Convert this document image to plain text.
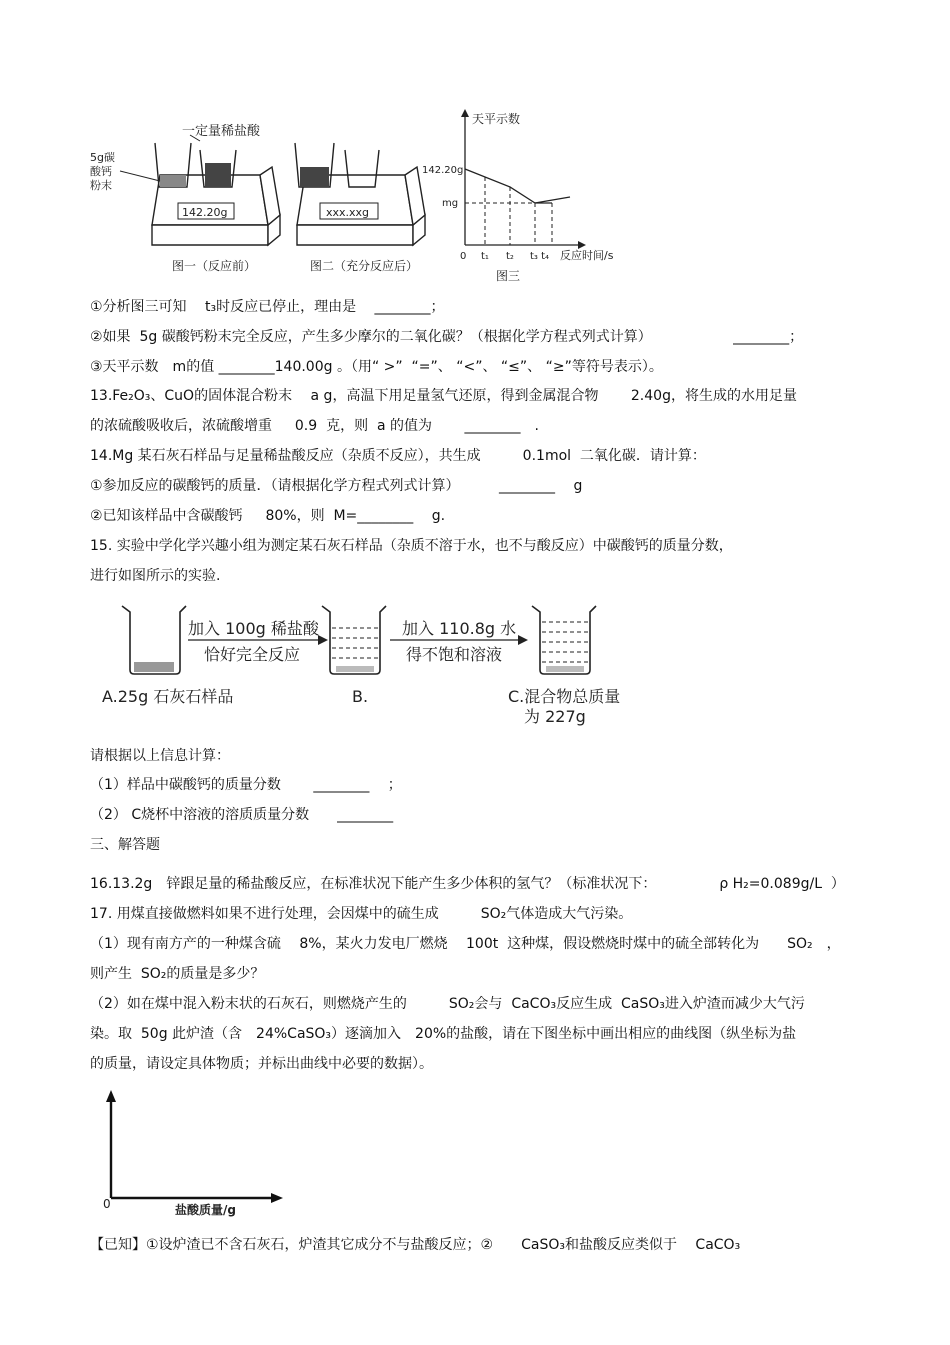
一定量稀盐酸
5g碳
酸钙
粉末
142.20g
图一（反应前）
xxx.xxg
图二（充分反应后）
天平示数
142.20g
mg
0 t₁ t₂ t₃ t₄ 反应时间/s
图三
①分析图三可知　 t₃时反应已停止，理由是　 ________；
②如果  5g 碳酸钙粉末完全反应，产生多少摩尔的二氧化碳？（根据化学方程式列式计算）　　　　　　 ________；
③天平示数　m的值 ________140.00g 。（用“ >”  “=”、 “<”、 “≤”、 “≥”等符号表示）。
13.Fe₂O₃、CuO的固体混合粉末　 a g，高温下用足量氢气还原，得到金属混合物　　 2.40g，将生成的水用足量
的浓硫酸吸收后，浓硫酸增重　  0.9  克，则  a 的值为　　 ________　.
14.Mg 某石灰石样品与足量稀盐酸反应（杂质不反应），共生成　　　0.1mol  二氧化碳．请计算：
①参加反应的碳酸钙的质量．（请根据化学方程式列式计算）　　　 ________　 g
②已知该样品中含碳酸钙　  80%，则  M=________　 g.
15. 实验中学化学兴趣小组为测定某石灰石样品（杂质不溶于水，也不与酸反应）中碳酸钙的质量分数，
进行如图所示的实验.
加入 100g 稀盐酸
恰好完全反应
加入 110.8g 水
得不饱和溶液
A.25g 石灰石样品	B.	C.混合物总质量
为 227g
请根据以上信息计算：
（1）样品中碳酸钙的质量分数　　 ________　 ；
（2） C烧杯中溶液的溶质质量分数　　________
三、解答题
16.13.2g　锌跟足量的稀盐酸反应，在标准状况下能产生多少体积的氢气？（标准状况下：　　　　　ρ H₂=0.089g/L  ）
17. 用煤直接做燃料如果不进行处理，会因煤中的硫生成　　　SO₂气体造成大气污染。
（1）现有南方产的一种煤含硫　 8%，某火力发电厂燃烧　 100t  这种煤，假设燃烧时煤中的硫全部转化为　　SO₂　，
则产生  SO₂的质量是多少？
（2）如在煤中混入粉末状的石灰石，则燃烧产生的　　　SO₂会与  CaCO₃反应生成  CaSO₃进入炉渣而减少大气污
染。取  50g 此炉渣（含　24%CaSO₃）逐滴加入　20%的盐酸，请在下图坐标中画出相应的曲线图（纵坐标为盐
的质量，请设定具体物质；并标出曲线中必要的数据）。
0	盐酸质量/g
【已知】①设炉渣已不含石灰石，炉渣其它成分不与盐酸反应；②　　CaSO₃和盐酸反应类似于　 CaCO₃
